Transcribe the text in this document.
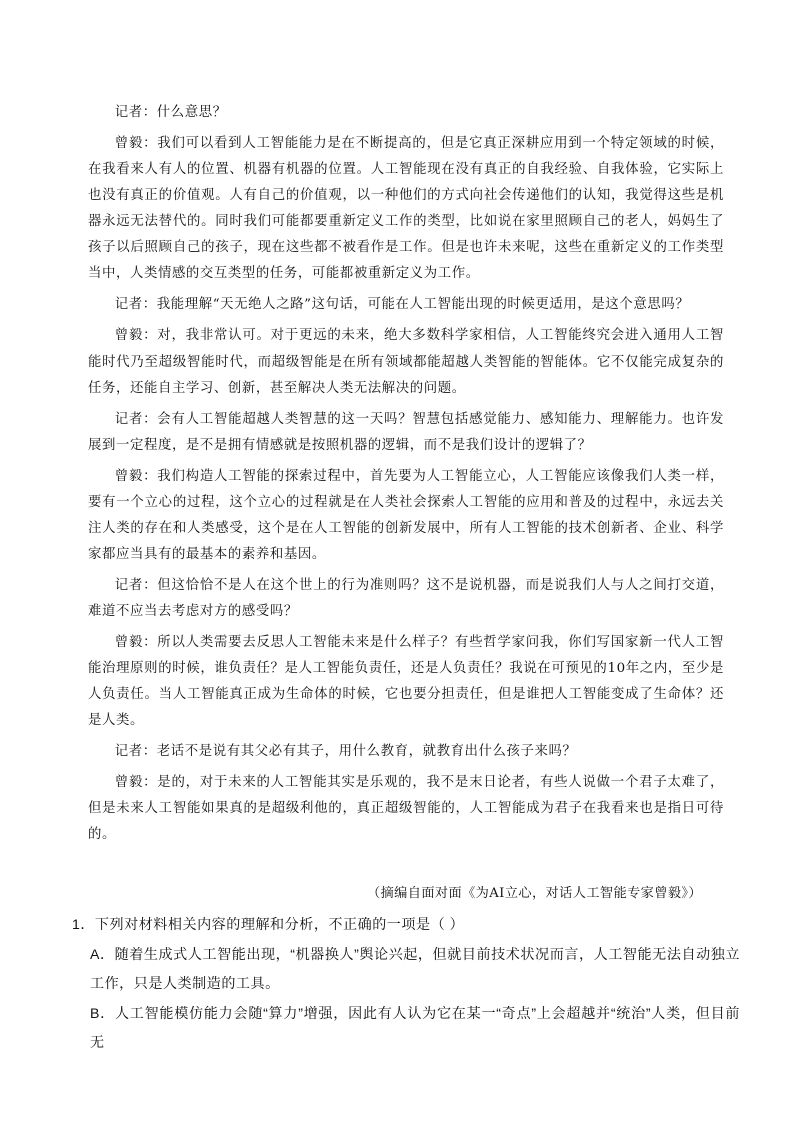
记者：什么意思？

曾毅：我们可以看到人工智能能力是在不断提高的，但是它真正深耕应用到一个特定领域的时候，在我看来人有人的位置、机器有机器的位置。人工智能现在没有真正的自我经验、自我体验，它实际上也没有真正的价值观。人有自己的价值观，以一种他们的方式向社会传递他们的认知，我觉得这些是机器永远无法替代的。同时我们可能都要重新定义工作的类型，比如说在家里照顾自己的老人，妈妈生了孩子以后照顾自己的孩子，现在这些都不被看作是工作。但是也许未来呢，这些在重新定义的工作类型当中，人类情感的交互类型的任务，可能都被重新定义为工作。

记者：我能理解“天无绝人之路”这句话，可能在人工智能出现的时候更适用，是这个意思吗？

曾毅：对，我非常认可。对于更远的未来，绝大多数科学家相信，人工智能终究会进入通用人工智能时代乃至超级智能时代，而超级智能是在所有领域都能超越人类智能的智能体。它不仅能完成复杂的任务，还能自主学习、创新，甚至解决人类无法解决的问题。

记者：会有人工智能超越人类智慧的这一天吗？智慧包括感觉能力、感知能力、理解能力。也许发展到一定程度，是不是拥有情感就是按照机器的逻辑，而不是我们设计的逻辑了？

曾毅：我们构造人工智能的探索过程中，首先要为人工智能立心，人工智能应该像我们人类一样，要有一个立心的过程，这个立心的过程就是在人类社会探索人工智能的应用和普及的过程中，永远去关注人类的存在和人类感受，这个是在人工智能的创新发展中，所有人工智能的技术创新者、企业、科学家都应当具有的最基本的素养和基因。

记者：但这恰恰不是人在这个世上的行为准则吗？这不是说机器，而是说我们人与人之间打交道，难道不应当去考虑对方的感受吗？

曾毅：所以人类需要去反思人工智能未来是什么样子？有些哲学家问我，你们写国家新一代人工智能治理原则的时候，谁负责任？是人工智能负责任，还是人负责任？我说在可预见的10年之内，至少是人负责任。当人工智能真正成为生命体的时候，它也要分担责任，但是谁把人工智能变成了生命体？还是人类。

记者：老话不是说有其父必有其子，用什么教育，就教育出什么孩子来吗？

曾毅：是的，对于未来的人工智能其实是乐观的，我不是末日论者，有些人说做一个君子太难了，但是未来人工智能如果真的是超级利他的，真正超级智能的，人工智能成为君子在我看来也是指日可待的。

（摘编自面对面《为AI立心，对话人工智能专家曾毅》）

1．下列对材料相关内容的理解和分析，不正确的一项是（ ）

A．随着生成式人工智能出现，“机器换人”舆论兴起，但就目前技术状况而言，人工智能无法自动独立工作，只是人类制造的工具。

B．人工智能模仿能力会随“算力”增强，因此有人认为它在某一“奇点”上会超越并“统治”人类，但目前无
